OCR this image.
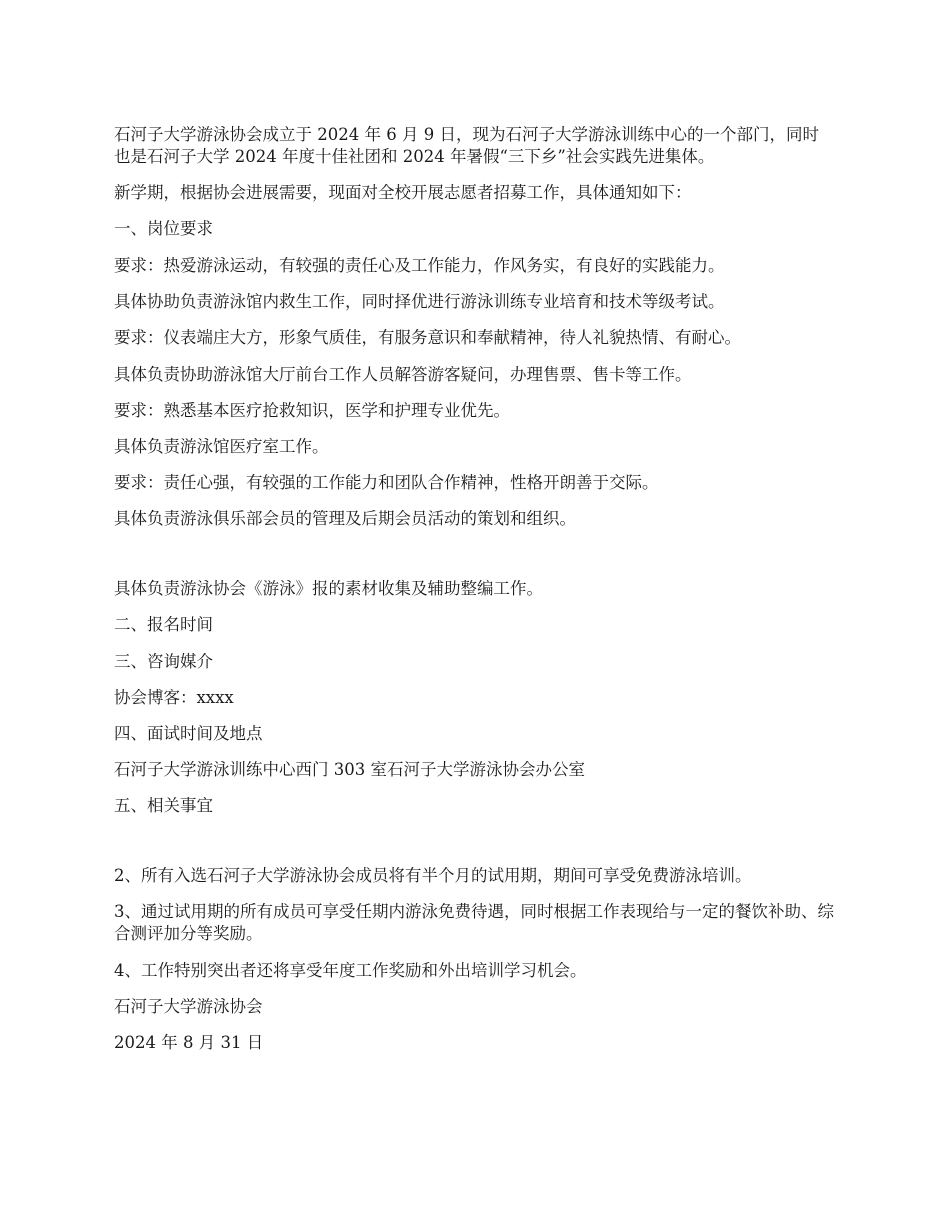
石河子大学游泳协会成立于 2024 年 6 月 9 日，现为石河子大学游泳训练中心的一个部门，同时也是石河子大学 2024 年度十佳社团和 2024 年暑假“三下乡”社会实践先进集体。

新学期，根据协会进展需要，现面对全校开展志愿者招募工作，具体通知如下：

一、岗位要求

要求：热爱游泳运动，有较强的责任心及工作能力，作风务实，有良好的实践能力。

具体协助负责游泳馆内救生工作，同时择优进行游泳训练专业培育和技术等级考试。

要求：仪表端庄大方，形象气质佳，有服务意识和奉献精神，待人礼貌热情、有耐心。

具体负责协助游泳馆大厅前台工作人员解答游客疑问，办理售票、售卡等工作。

要求：熟悉基本医疗抢救知识，医学和护理专业优先。

具体负责游泳馆医疗室工作。

要求：责任心强，有较强的工作能力和团队合作精神，性格开朗善于交际。

具体负责游泳俱乐部会员的管理及后期会员活动的策划和组织。

具体负责游泳协会《游泳》报的素材收集及辅助整编工作。

二、报名时间

三、咨询媒介

协会博客：xxxx

四、面试时间及地点

石河子大学游泳训练中心西门 303 室石河子大学游泳协会办公室

五、相关事宜

2、所有入选石河子大学游泳协会成员将有半个月的试用期，期间可享受免费游泳培训。

3、通过试用期的所有成员可享受任期内游泳免费待遇，同时根据工作表现给与一定的餐饮补助、综合测评加分等奖励。

4、工作特别突出者还将享受年度工作奖励和外出培训学习机会。

石河子大学游泳协会

2024 年 8 月 31 日
